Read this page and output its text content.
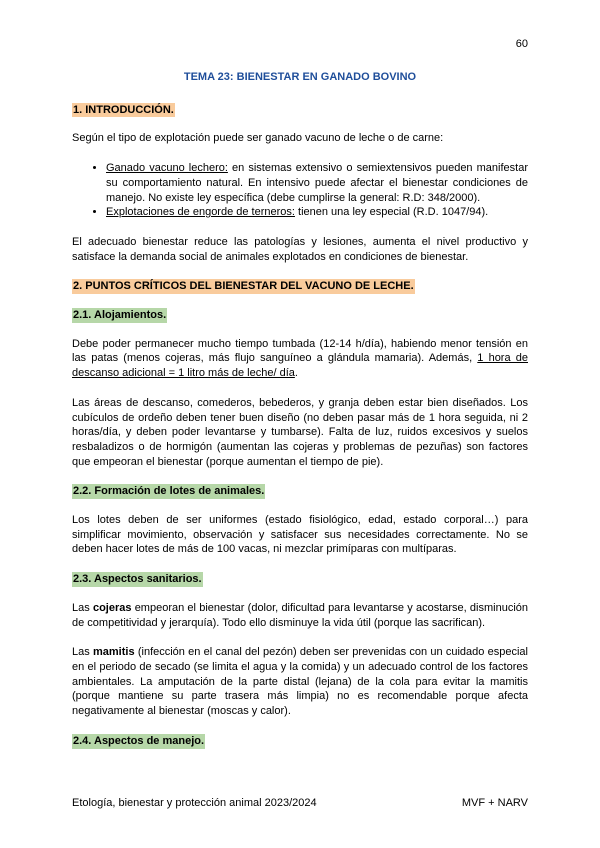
60
TEMA 23: BIENESTAR EN GANADO BOVINO
1. INTRODUCCIÓN.

Según el tipo de explotación puede ser ganado vacuno de leche o de carne:

• Ganado vacuno lechero: en sistemas extensivo o semiextensivos pueden manifestar su comportamiento natural. En intensivo puede afectar el bienestar condiciones de manejo. No existe ley específica (debe cumplirse la general: R.D: 348/2000).
• Explotaciones de engorde de terneros: tienen una ley especial (R.D. 1047/94).

El adecuado bienestar reduce las patologías y lesiones, aumenta el nivel productivo y satisface la demanda social de animales explotados en condiciones de bienestar.

2. PUNTOS CRÍTICOS DEL BIENESTAR DEL VACUNO DE LECHE.
2.1. Alojamientos.

Debe poder permanecer mucho tiempo tumbada (12-14 h/día), habiendo menor tensión en las patas (menos cojeras, más flujo sanguíneo a glándula mamaria). Además, 1 hora de descanso adicional = 1 litro más de leche/ día.

Las áreas de descanso, comederos, bebederos, y granja deben estar bien diseñados. Los cubículos de ordeño deben tener buen diseño (no deben pasar más de 1 hora seguida, ni 2 horas/día, y deben poder levantarse y tumbarse). Falta de luz, ruidos excesivos y suelos resbaladizos o de hormigón (aumentan las cojeras y problemas de pezuñas) son factores que empeoran el bienestar (porque aumentan el tiempo de pie).

2.2. Formación de lotes de animales.

Los lotes deben de ser uniformes (estado fisiológico, edad, estado corporal…) para simplificar movimiento, observación y satisfacer sus necesidades correctamente. No se deben hacer lotes de más de 100 vacas, ni mezclar primíparas con multíparas.

2.3. Aspectos sanitarios.

Las cojeras empeoran el bienestar (dolor, dificultad para levantarse y acostarse, disminución de competitividad y jerarquía). Todo ello disminuye la vida útil (porque las sacrifican).

Las mamitis (infección en el canal del pezón) deben ser prevenidas con un cuidado especial en el periodo de secado (se limita el agua y la comida) y un adecuado control de los factores ambientales. La amputación de la parte distal (lejana) de la cola para evitar la mamitis (porque mantiene su parte trasera más limpia) no es recomendable porque afecta negativamente al bienestar (moscas y calor).

2.4. Aspectos de manejo.
Etología, bienestar y protección animal 2023/2024	MVF + NARV
